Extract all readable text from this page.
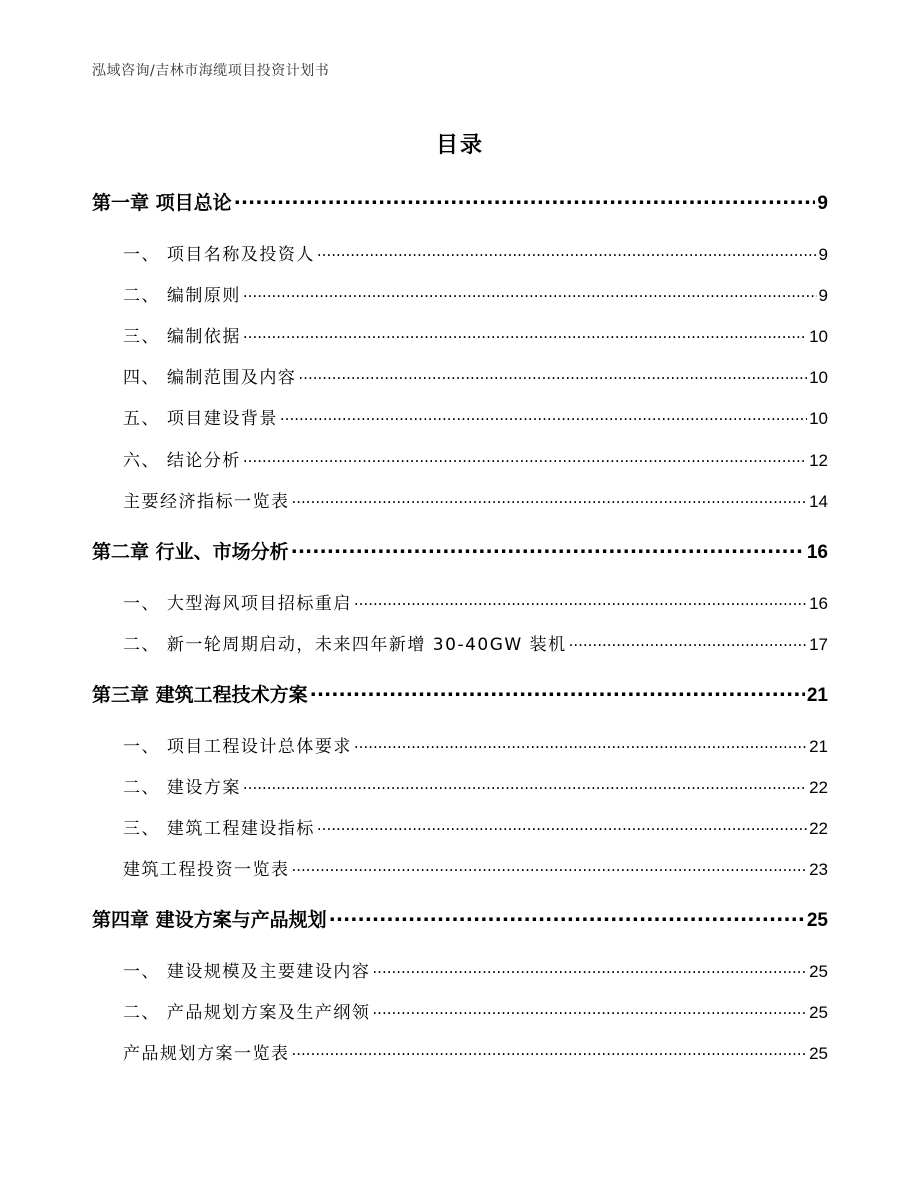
泓域咨询/吉林市海缆项目投资计划书
目录
第一章 项目总论 .....	9
一、 项目名称及投资人 .....	9
二、 编制原则 .....	9
三、 编制依据 .....	10
四、 编制范围及内容 .....	10
五、 项目建设背景 .....	10
六、 结论分析 .....	12
主要经济指标一览表 .....	14
第二章 行业、市场分析 .....	16
一、 大型海风项目招标重启 .....	16
二、 新一轮周期启动，未来四年新增 30-40GW 装机 .....	17
第三章 建筑工程技术方案 .....	21
一、 项目工程设计总体要求 .....	21
二、 建设方案 .....	22
三、 建筑工程建设指标 .....	22
建筑工程投资一览表 .....	23
第四章 建设方案与产品规划 .....	25
一、 建设规模及主要建设内容 .....	25
二、 产品规划方案及生产纲领 .....	25
产品规划方案一览表 .....	25
